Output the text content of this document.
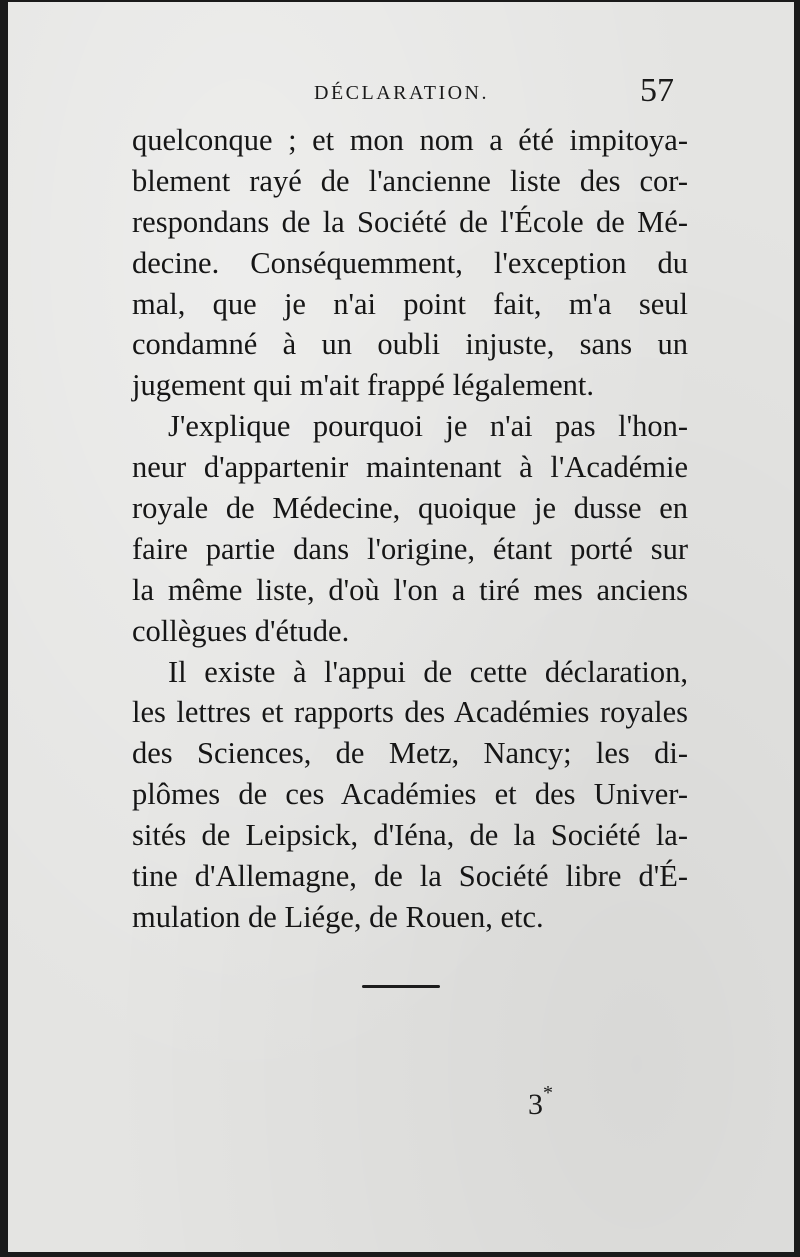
DÉCLARATION.	57
quelconque ; et mon nom a été impitoya-
blement rayé de l'ancienne liste des cor-
respondans de la Société de l'École de Mé-
decine. Conséquemment, l'exception du
mal, que je n'ai point fait, m'a seul
condamné à un oubli injuste, sans un
jugement qui m'ait frappé légalement.
J'explique pourquoi je n'ai pas l'hon-
neur d'appartenir maintenant à l'Académie
royale de Médecine, quoique je dusse en
faire partie dans l'origine, étant porté sur
la même liste, d'où l'on a tiré mes anciens
collègues d'étude.
Il existe à l'appui de cette déclaration,
les lettres et rapports des Académies royales
des Sciences, de Metz, Nancy; les di-
plômes de ces Académies et des Univer-
sités de Leipsick, d'Iéna, de la Société la-
tine d'Allemagne, de la Société libre d'É-
mulation de Liége, de Rouen, etc.
3*
